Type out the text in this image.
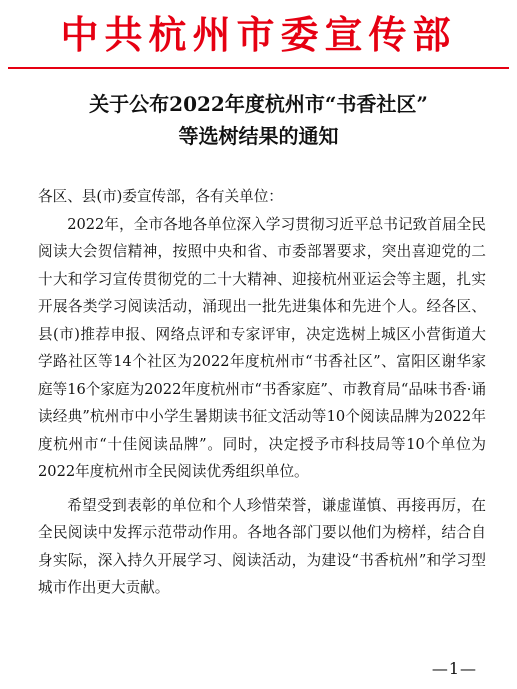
中共杭州市委宣传部
关于公布2022年度杭州市“书香社区”
等选树结果的通知

各区、县(市)委宣传部，各有关单位：

2022年，全市各地各单位深入学习贯彻习近平总书记致首届全民阅读大会贺信精神，按照中央和省、市委部署要求，突出喜迎党的二十大和学习宣传贯彻党的二十大精神、迎接杭州亚运会等主题，扎实开展各类学习阅读活动，涌现出一批先进集体和先进个人。经各区、县(市)推荐申报、网络点评和专家评审，决定选树上城区小营街道大学路社区等14个社区为2022年度杭州市“书香社区”、富阳区谢华家庭等16个家庭为2022年度杭州市“书香家庭”、市教育局“品味书香·诵读经典”杭州市中小学生暑期读书征文活动等10个阅读品牌为2022年度杭州市“十佳阅读品牌”。同时，决定授予市科技局等10个单位为2022年度杭州市全民阅读优秀组织单位。

希望受到表彰的单位和个人珍惜荣誉，谦虚谨慎、再接再厉，在全民阅读中发挥示范带动作用。各地各部门要以他们为榜样，结合自身实际，深入持久开展学习、阅读活动，为建设“书香杭州”和学习型城市作出更大贡献。

—1—
